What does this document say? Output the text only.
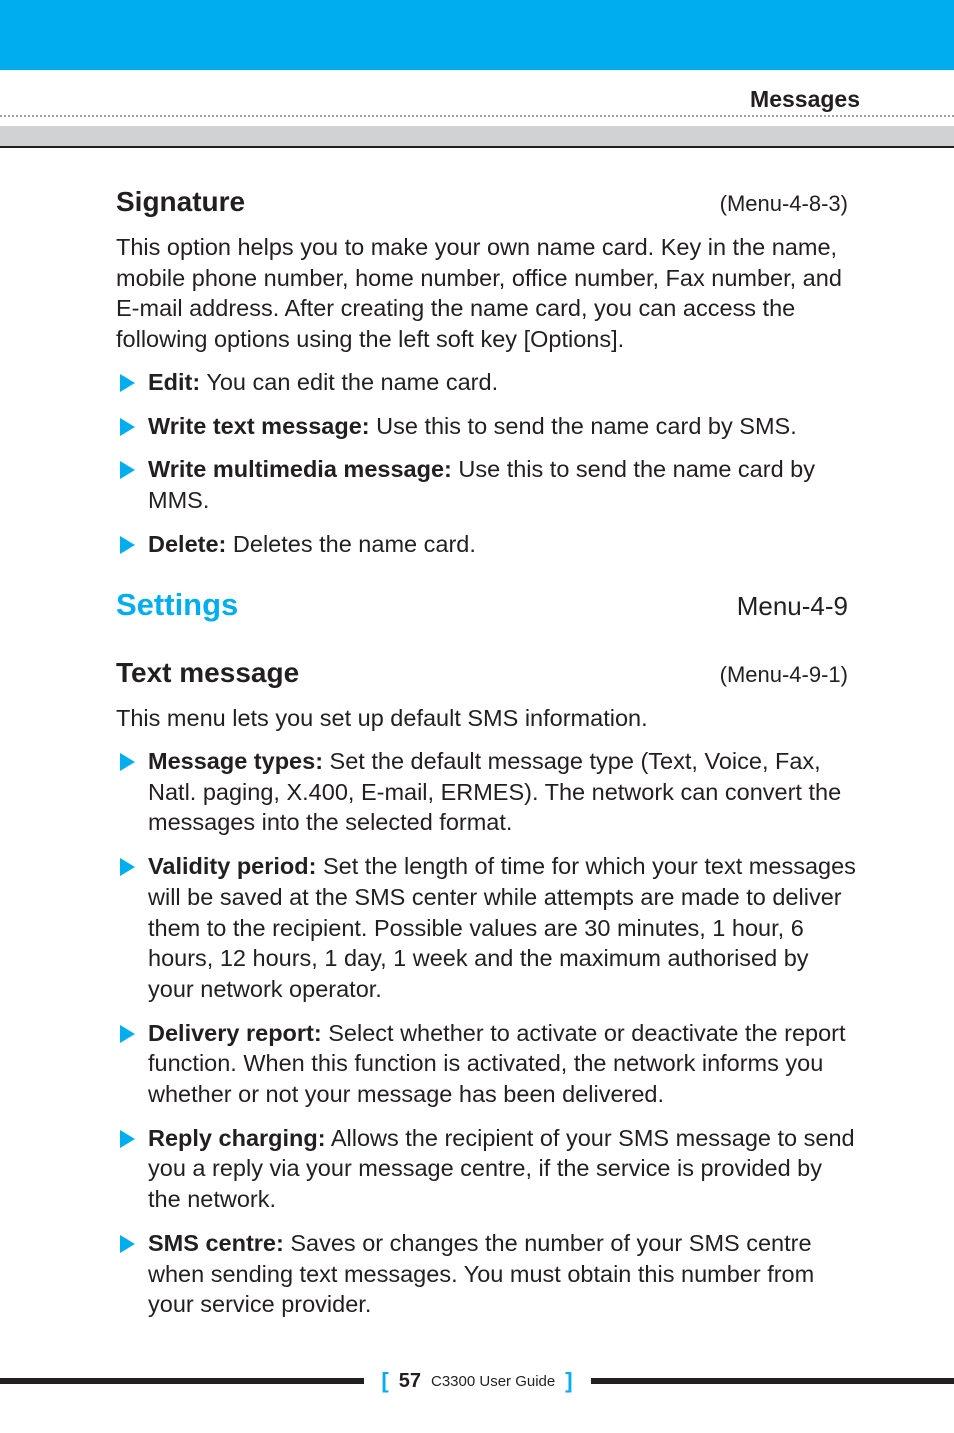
Messages
Signature	(Menu-4-8-3)

This option helps you to make your own name card. Key in the name, mobile phone number, home number, office number, Fax number, and E-mail address. After creating the name card, you can access the following options using the left soft key [Options].

Edit: You can edit the name card.
Write text message: Use this to send the name card by SMS.
Write multimedia message: Use this to send the name card by MMS.
Delete: Deletes the name card.
Settings	Menu-4-9
Text message	(Menu-4-9-1)

This menu lets you set up default SMS information.

Message types: Set the default message type (Text, Voice, Fax, Natl. paging, X.400, E-mail, ERMES). The network can convert the messages into the selected format.
Validity period: Set the length of time for which your text messages will be saved at the SMS center while attempts are made to deliver them to the recipient. Possible values are 30 minutes, 1 hour, 6 hours, 12 hours, 1 day, 1 week and the maximum authorised by your network operator.
Delivery report: Select whether to activate or deactivate the report function. When this function is activated, the network informs you whether or not your message has been delivered.
Reply charging: Allows the recipient of your SMS message to send you a reply via your message centre, if the service is provided by the network.
SMS centre: Saves or changes the number of your SMS centre when sending text messages. You must obtain this number from your service provider.
[ 57 C3300 User Guide ]
